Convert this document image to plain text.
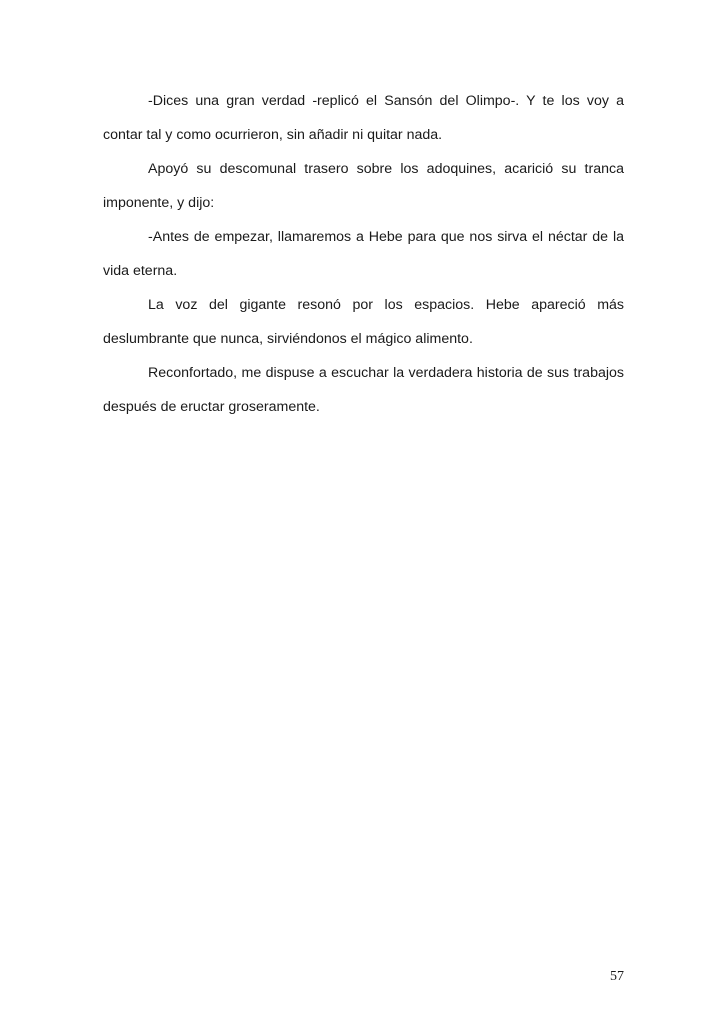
-Dices una gran verdad -replicó el Sansón del Olimpo-. Y te los voy a contar tal y como ocurrieron, sin añadir ni quitar nada.

Apoyó su descomunal trasero sobre los adoquines, acarició su tranca imponente, y dijo:

-Antes de empezar, llamaremos a Hebe para que nos sirva el néctar de la vida eterna.

La voz del gigante resonó por los espacios. Hebe apareció más deslumbrante que nunca, sirviéndonos el mágico alimento.

Reconfortado, me dispuse a escuchar la verdadera historia de sus trabajos después de eructar groseramente.

57
